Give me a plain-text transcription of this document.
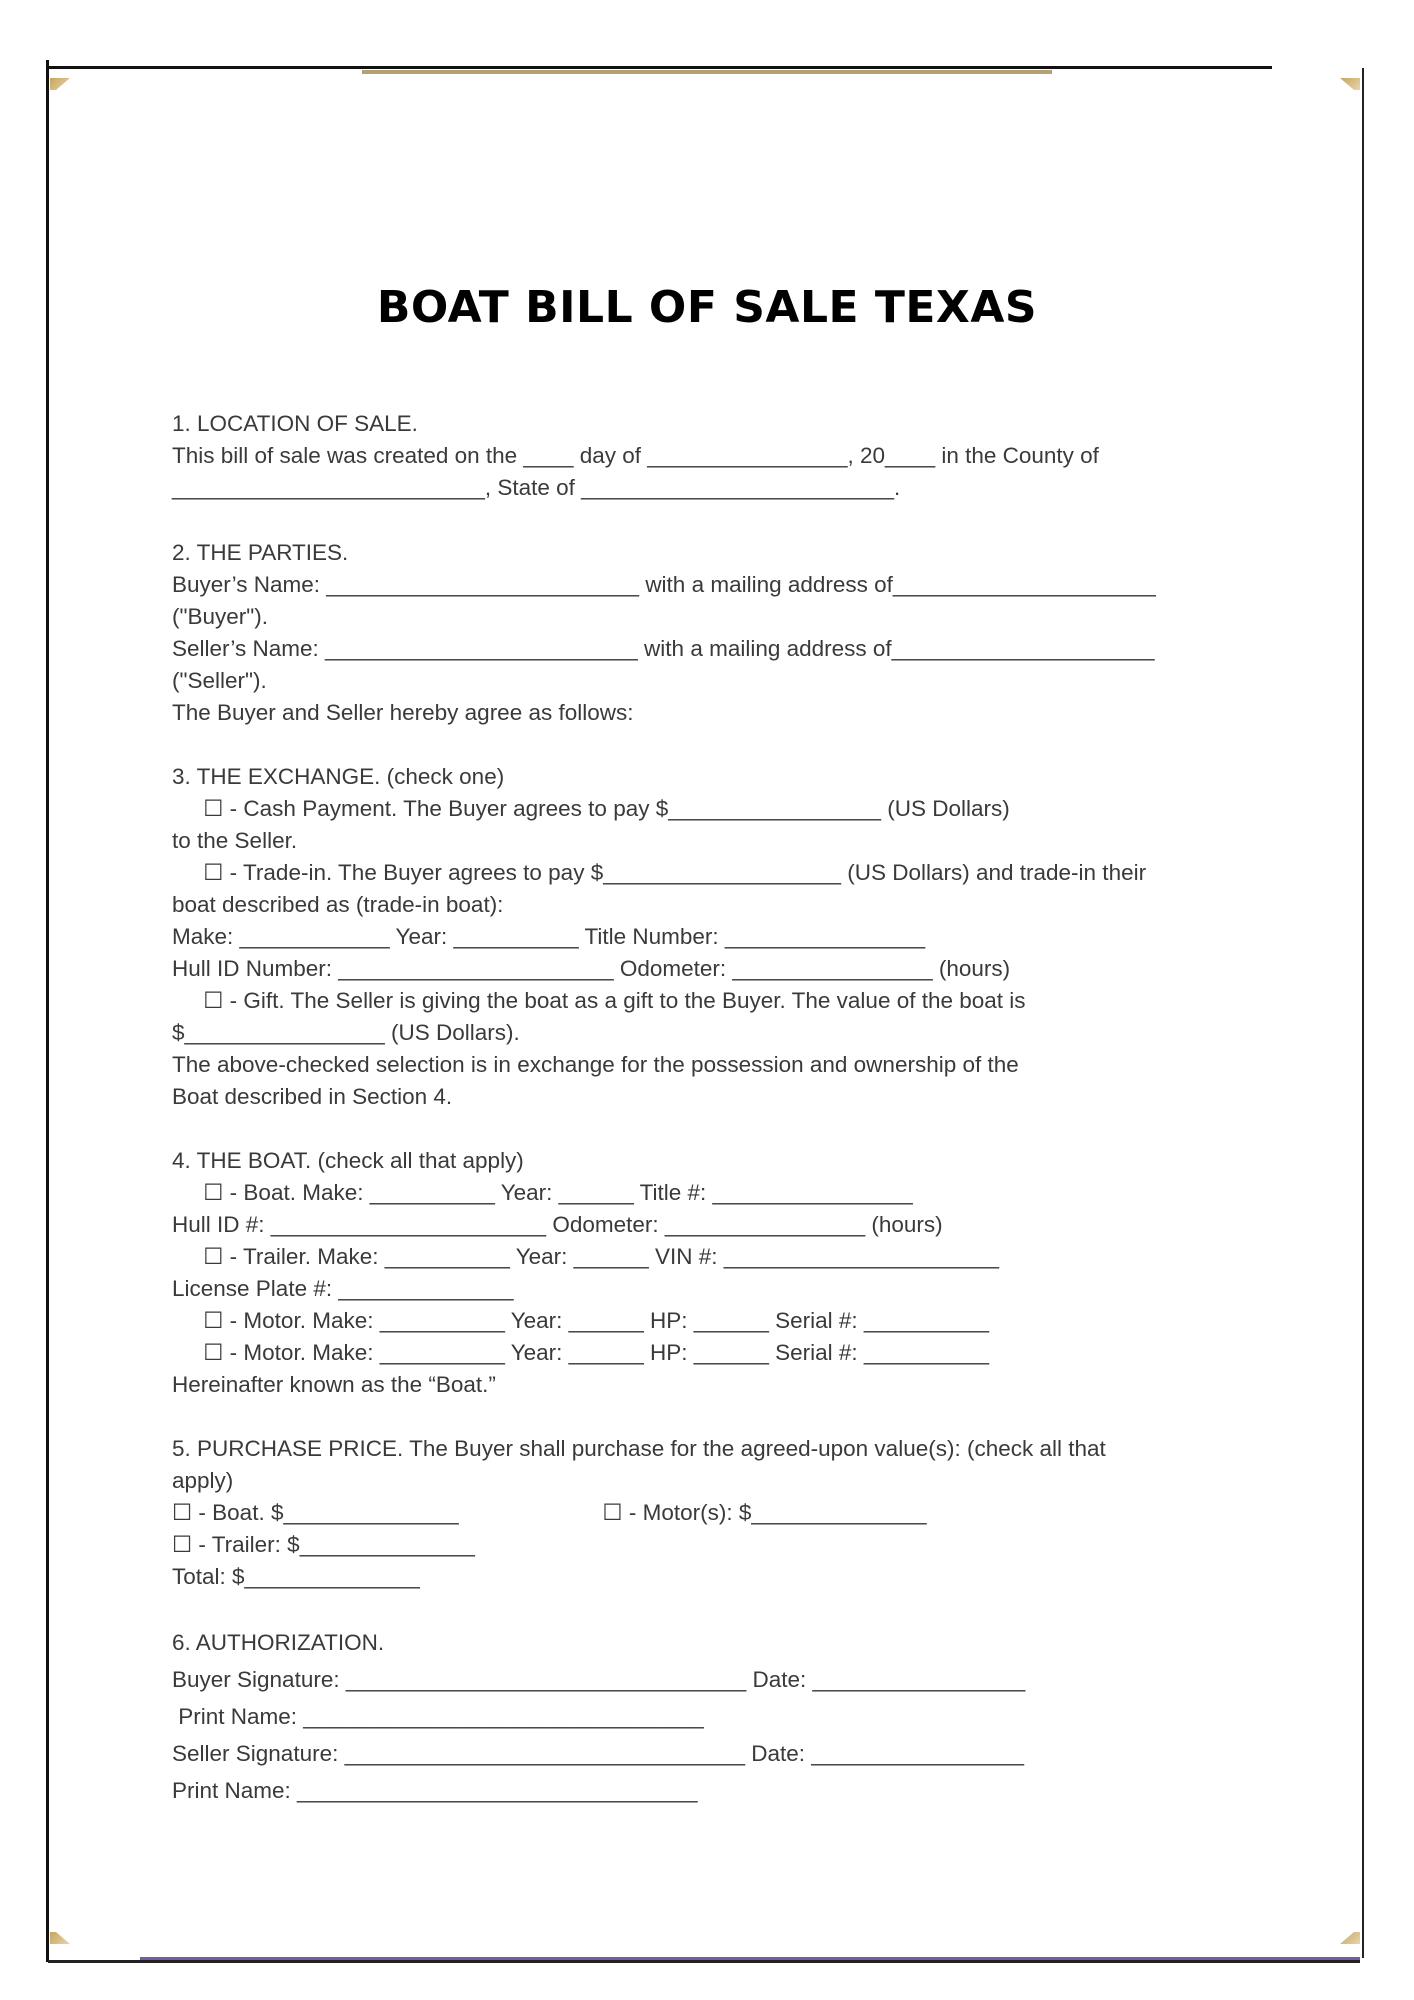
BOAT BILL OF SALE TEXAS
1. LOCATION OF SALE.
This bill of sale was created on the ____ day of ________________, 20____ in the County of
_________________________, State of _________________________.
2. THE PARTIES.
Buyer’s Name: _________________________ with a mailing address of_____________________
("Buyer").
Seller’s Name: _________________________ with a mailing address of_____________________
("Seller").
The Buyer and Seller hereby agree as follows:
3. THE EXCHANGE. (check one)
☐ - Cash Payment. The Buyer agrees to pay $_________________ (US Dollars)
to the Seller.
☐ - Trade-in. The Buyer agrees to pay $___________________ (US Dollars) and trade-in their
boat described as (trade-in boat):
Make: ____________ Year: __________ Title Number: ________________
Hull ID Number: ______________________ Odometer: ________________ (hours)
☐ - Gift. The Seller is giving the boat as a gift to the Buyer. The value of the boat is
$________________ (US Dollars).
The above-checked selection is in exchange for the possession and ownership of the
Boat described in Section 4.
4. THE BOAT. (check all that apply)
☐ - Boat. Make: __________ Year: ______ Title #: ________________
Hull ID #: ______________________ Odometer: ________________ (hours)
☐ - Trailer. Make: __________ Year: ______ VIN #: ______________________
License Plate #: ______________
☐ - Motor. Make: __________ Year: ______ HP: ______ Serial #: __________
☐ - Motor. Make: __________ Year: ______ HP: ______ Serial #: __________
Hereinafter known as the “Boat.”
5. PURCHASE PRICE. The Buyer shall purchase for the agreed-upon value(s): (check all that
apply)
☐ - Boat. $______________                       ☐ - Motor(s): $______________
☐ - Trailer: $______________
Total: $______________
6. AUTHORIZATION.
Buyer Signature: ________________________________ Date: _________________
Print Name: ________________________________
Seller Signature: ________________________________ Date: _________________
Print Name: ________________________________
